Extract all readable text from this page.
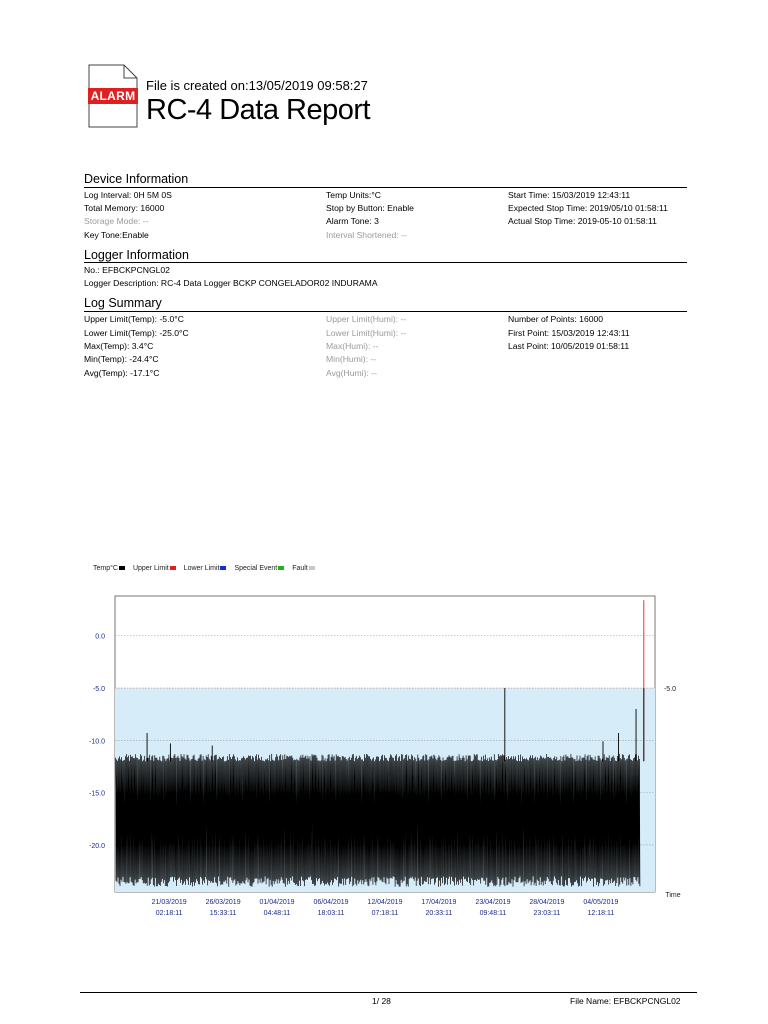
ALARM
File is created on:13/05/2019 09:58:27
RC-4 Data Report
Device Information
Log Interval: 0H 5M 0S	Temp Units:°C	Start Time: 15/03/2019 12:43:11
Total Memory: 16000	Stop by Button: Enable	Expected Stop Time: 2019/05/10 01:58:11
Storage Mode: --	Alarm Tone: 3	Actual Stop Time: 2019-05-10 01:58:11
Key Tone:Enable	Interval Shortened: --
Logger Information
No.: EFBCKPCNGL02
Logger Description: RC-4 Data Logger BCKP CONGELADOR02 INDURAMA
Log Summary
Upper Limit(Temp): -5.0°C	Upper Limit(Humi): --	Number of Points: 16000
Lower Limit(Temp): -25.0°C	Lower Limit(Humi): --	First Point: 15/03/2019 12:43:11
Max(Temp): 3.4°C	Max(Humi): --	Last Point: 10/05/2019 01:58:11
Min(Temp): -24.4°C	Min(Humi): --
Avg(Temp): -17.1°C	Avg(Humi): --
Temp°C Upper Limit Lower Limit Special Event Fault
0.0
-5.0
-10.0
-15.0
-20.0
-5.0
21/03/2019
02:18:11
26/03/2019
15:33:11
01/04/2019
04:48:11
06/04/2019
18:03:11
12/04/2019
07:18:11
17/04/2019
20:33:11
23/04/2019
09:48:11
28/04/2019
23:03:11
04/05/2019
12:18:11
Time
1/ 28	File Name: EFBCKPCNGL02
